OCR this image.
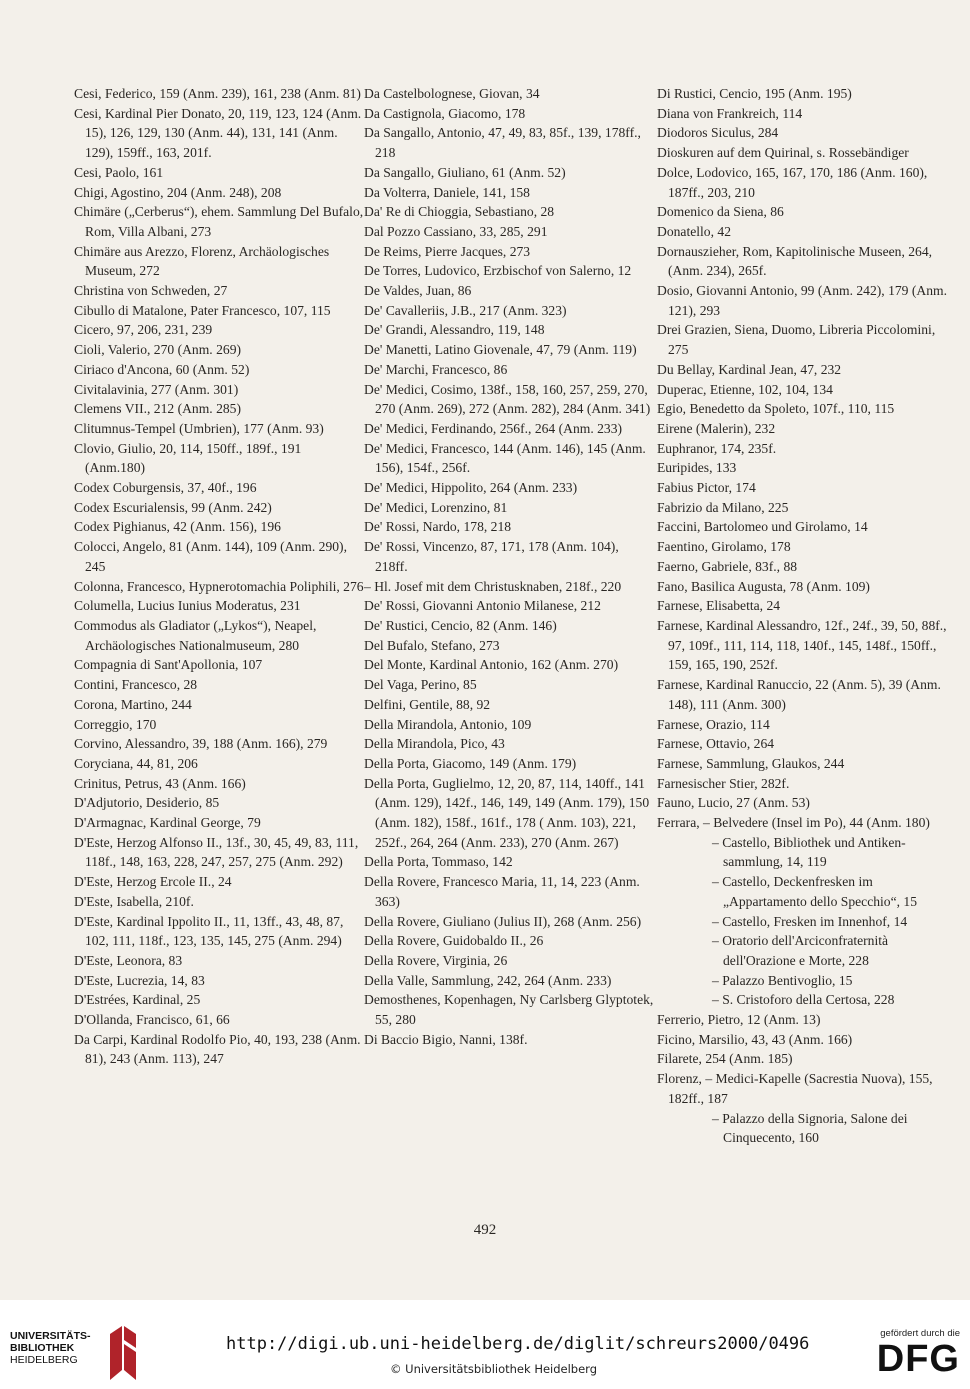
Cesi, Federico, 159 (Anm. 239), 161, 238 (Anm. 81)

Cesi, Kardinal Pier Donato, 20, 119, 123, 124 (Anm. 15), 126, 129, 130 (Anm. 44), 131, 141 (Anm. 129), 159ff., 163, 201f.

Cesi, Paolo, 161

Chigi, Agostino, 204 (Anm. 248), 208

Chimäre („Cerberus“), ehem. Sammlung Del Bufalo, Rom, Villa Albani, 273

Chimäre aus Arezzo, Florenz, Archäologisches Museum, 272

Christina von Schweden, 27

Cibullo di Matalone, Pater Francesco, 107, 115

Cicero, 97, 206, 231, 239

Cioli, Valerio, 270 (Anm. 269)

Ciriaco d'Ancona, 60 (Anm. 52)

Civitalavinia, 277 (Anm. 301)

Clemens VII., 212 (Anm. 285)

Clitumnus-Tempel (Umbrien), 177 (Anm. 93)

Clovio, Giulio, 20, 114, 150ff., 189f., 191 (Anm.180)

Codex Coburgensis, 37, 40f., 196

Codex Escurialensis, 99 (Anm. 242)

Codex Pighianus, 42 (Anm. 156), 196

Colocci, Angelo, 81 (Anm. 144), 109 (Anm. 290), 245

Colonna, Francesco, Hypnerotomachia Poliphili, 276

Columella, Lucius Iunius Moderatus, 231

Commodus als Gladiator („Lykos“), Neapel, Archäologisches Nationalmuseum, 280

Compagnia di Sant'Apollonia, 107

Contini, Francesco, 28

Corona, Martino, 244

Correggio, 170

Corvino, Alessandro, 39, 188 (Anm. 166), 279

Coryciana, 44, 81, 206

Crinitus, Petrus, 43 (Anm. 166)

D'Adjutorio, Desiderio, 85

D'Armagnac, Kardinal George, 79

D'Este, Herzog Alfonso II., 13f., 30, 45, 49, 83, 111, 118f., 148, 163, 228, 247, 257, 275 (Anm. 292)

D'Este, Herzog Ercole II., 24

D'Este, Isabella, 210f.

D'Este, Kardinal Ippolito II., 11, 13ff., 43, 48, 87, 102, 111, 118f., 123, 135, 145, 275 (Anm. 294)

D'Este, Leonora, 83

D'Este, Lucrezia, 14, 83

D'Estrées, Kardinal, 25

D'Ollanda, Francisco, 61, 66

Da Carpi, Kardinal Rodolfo Pio, 40, 193, 238 (Anm. 81), 243 (Anm. 113), 247

Da Castelbolognese, Giovan, 34

Da Castignola, Giacomo, 178

Da Sangallo, Antonio, 47, 49, 83, 85f., 139, 178ff., 218

Da Sangallo, Giuliano, 61 (Anm. 52)

Da Volterra, Daniele, 141, 158

Da' Re di Chioggia, Sebastiano, 28

Dal Pozzo Cassiano, 33, 285, 291

De Reims, Pierre Jacques, 273

De Torres, Ludovico, Erzbischof von Salerno, 12

De Valdes, Juan, 86

De' Cavalleriis, J.B., 217 (Anm. 323)

De' Grandi, Alessandro, 119, 148

De' Manetti, Latino Giovenale, 47, 79 (Anm. 119)

De' Marchi, Francesco, 86

De' Medici, Cosimo, 138f., 158, 160, 257, 259, 270, 270 (Anm. 269), 272 (Anm. 282), 284 (Anm. 341)

De' Medici, Ferdinando, 256f., 264 (Anm. 233)

De' Medici, Francesco, 144 (Anm. 146), 145 (Anm. 156), 154f., 256f.

De' Medici, Hippolito, 264 (Anm. 233)

De' Medici, Lorenzino, 81

De' Rossi, Nardo, 178, 218

De' Rossi, Vincenzo, 87, 171, 178 (Anm. 104), 218ff.

– Hl. Josef mit dem Christusknaben, 218f., 220

De' Rossi, Giovanni Antonio Milanese, 212

De' Rustici, Cencio, 82 (Anm. 146)

Del Bufalo, Stefano, 273

Del Monte, Kardinal Antonio, 162 (Anm. 270)

Del Vaga, Perino, 85

Delfini, Gentile, 88, 92

Della Mirandola, Antonio, 109

Della Mirandola, Pico, 43

Della Porta, Giacomo, 149 (Anm. 179)

Della Porta, Guglielmo, 12, 20, 87, 114, 140ff., 141 (Anm. 129), 142f., 146, 149, 149 (Anm. 179), 150 (Anm. 182), 158f., 161f., 178 ( Anm. 103), 221, 252f., 264, 264 (Anm. 233), 270 (Anm. 267)

Della Porta, Tommaso, 142

Della Rovere, Francesco Maria, 11, 14, 223 (Anm. 363)

Della Rovere, Giuliano (Julius II), 268 (Anm. 256)

Della Rovere, Guidobaldo II., 26

Della Rovere, Virginia, 26

Della Valle, Sammlung, 242, 264 (Anm. 233)

Demosthenes, Kopenhagen, Ny Carlsberg Glyptotek, 55, 280

Di Baccio Bigio, Nanni, 138f.

Di Rustici, Cencio, 195 (Anm. 195)

Diana von Frankreich, 114

Diodoros Siculus, 284

Dioskuren auf dem Quirinal, s. Rossebändiger

Dolce, Lodovico, 165, 167, 170, 186 (Anm. 160), 187ff., 203, 210

Domenico da Siena, 86

Donatello, 42

Dornauszieher, Rom, Kapitolinische Museen, 264, (Anm. 234), 265f.

Dosio, Giovanni Antonio, 99 (Anm. 242), 179 (Anm. 121), 293

Drei Grazien, Siena, Duomo, Libreria Piccolomini, 275

Du Bellay, Kardinal Jean, 47, 232

Duperac, Etienne, 102, 104, 134

Egio, Benedetto da Spoleto, 107f., 110, 115

Eirene (Malerin), 232

Euphranor, 174, 235f.

Euripides, 133

Fabius Pictor, 174

Fabrizio da Milano, 225

Faccini, Bartolomeo und Girolamo, 14

Faentino, Girolamo, 178

Faerno, Gabriele, 83f., 88

Fano, Basilica Augusta, 78 (Anm. 109)

Farnese, Elisabetta, 24

Farnese, Kardinal Alessandro, 12f., 24f., 39, 50, 88f., 97, 109f., 111, 114, 118, 140f., 145, 148f., 150ff., 159, 165, 190, 252f.

Farnese, Kardinal Ranuccio, 22 (Anm. 5), 39 (Anm. 148), 111 (Anm. 300)

Farnese, Orazio, 114

Farnese, Ottavio, 264

Farnese, Sammlung, Glaukos, 244

Farnesischer Stier, 282f.

Fauno, Lucio, 27 (Anm. 53)

Ferrara, – Belvedere (Insel im Po), 44 (Anm. 180)

– Castello, Bibliothek und Antiken-sammlung, 14, 119

– Castello, Deckenfresken im „Appartamento dello Specchio“, 15

– Castello, Fresken im Innenhof, 14

– Oratorio dell'Arciconfraternità dell'Orazione e Morte, 228

– Palazzo Bentivoglio, 15

– S. Cristoforo della Certosa, 228

Ferrerio, Pietro, 12 (Anm. 13)

Ficino, Marsilio, 43, 43 (Anm. 166)

Filarete, 254 (Anm. 185)

Florenz, – Medici-Kapelle (Sacrestia Nuova), 155, 182ff., 187

– Palazzo della Signoria, Salone dei Cinquecento, 160

492
UNIVERSITÄTS-
BIBLIOTHEK
HEIDELBERG
http://digi.ub.uni-heidelberg.de/diglit/schreurs2000/0496
© Universitätsbibliothek Heidelberg
gefördert durch die
DFG
